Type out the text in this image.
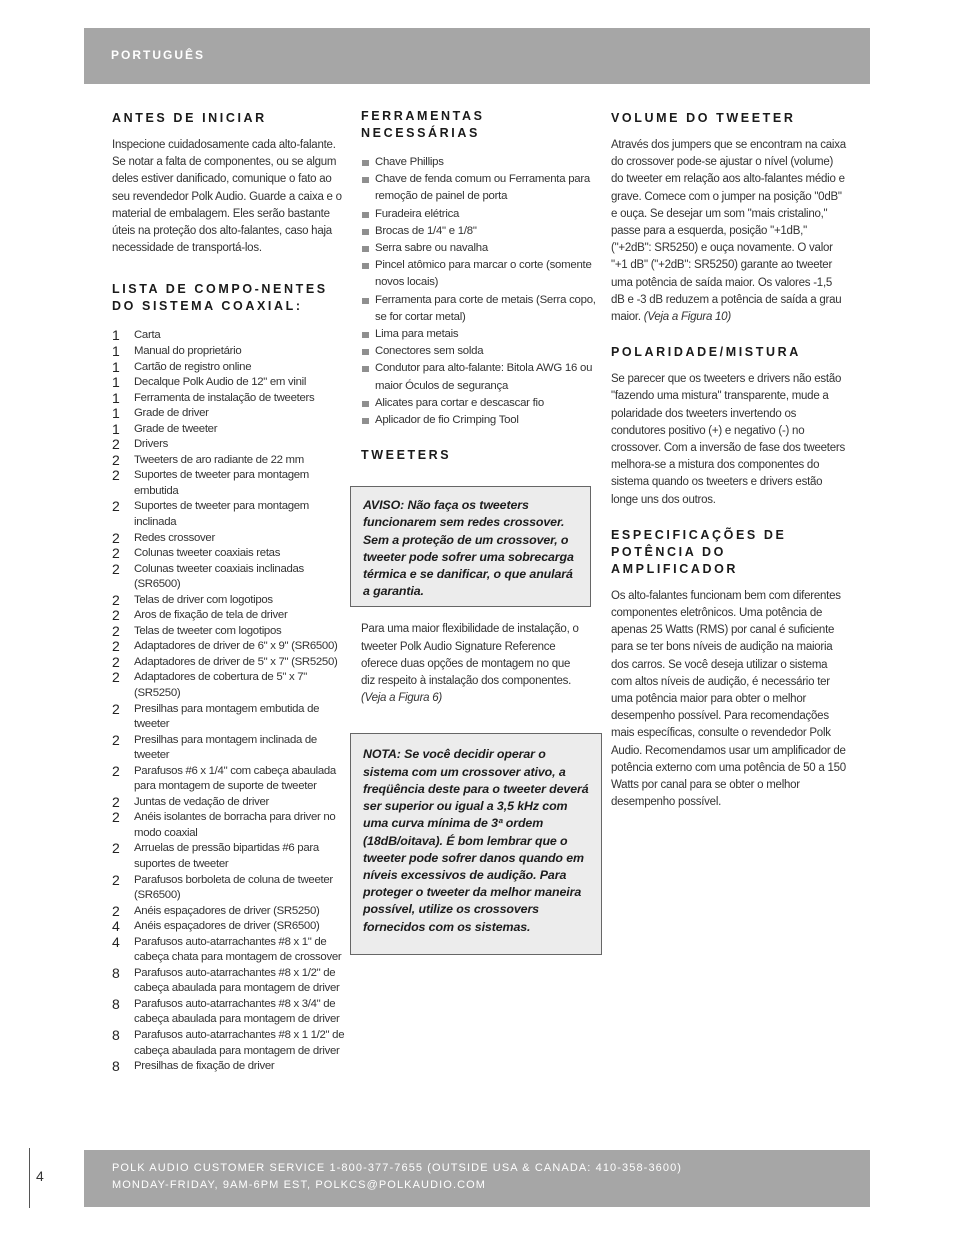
PORTUGUÊS
ANTES DE INICIAR

Inspecione cuidadosamente cada alto-falante. Se notar a falta de componentes, ou se algum deles estiver danificado, comunique o fato ao seu revendedor Polk Audio. Guarde a caixa e o material de embalagem. Eles serão bastante úteis na proteção dos alto-falantes, caso haja necessidade de transportá-los.

LISTA DE COMPO-NENTES DO SISTEMA COAXIAL:
1	Carta
1	Manual do proprietário
1	Cartão de registro online
1	Decalque Polk Audio de 12" em vinil
1	Ferramenta de instalação de tweeters
1	Grade de driver
1	Grade de tweeter
2	Drivers
2	Tweeters de aro radiante de 22 mm
2	Suportes de tweeter para montagem embutida
2	Suportes de tweeter para montagem inclinada
2	Redes crossover
2	Colunas tweeter coaxiais retas
2	Colunas tweeter coaxiais inclinadas (SR6500)
2	Telas de driver com logotipos
2	Aros de fixação de tela de driver
2	Telas de tweeter com logotipos
2	Adaptadores de driver de 6" x 9" (SR6500)
2	Adaptadores de driver de 5" x 7" (SR5250)
2	Adaptadores de cobertura de 5" x 7" (SR5250)
2	Presilhas para montagem embutida de tweeter
2	Presilhas para montagem inclinada de tweeter
2	Parafusos #6 x 1/4" com cabeça abaulada para montagem de suporte de tweeter
2	Juntas de vedação de driver
2	Anéis isolantes de borracha para driver no modo coaxial
2	Arruelas de pressão bipartidas #6 para suportes de tweeter
2	Parafusos borboleta de coluna de tweeter (SR6500)
2	Anéis espaçadores de driver (SR5250)
4	Anéis espaçadores de driver (SR6500)
4	Parafusos auto-atarrachantes #8 x 1" de cabeça chata para montagem de crossover
8	Parafusos auto-atarrachantes #8 x 1/2" de cabeça abaulada para montagem de driver
8	Parafusos auto-atarrachantes #8 x 3/4" de cabeça abaulada para montagem de driver
8	Parafusos auto-atarrachantes #8 x 1 1/2" de cabeça abaulada para montagem de driver
8	Presilhas de fixação de driver
FERRAMENTAS NECESSÁRIAS
Chave Phillips
Chave de fenda comum ou Ferramenta para remoção de painel de porta
Furadeira elétrica
Brocas de 1/4" e 1/8"
Serra sabre ou navalha
Pincel atômico para marcar o corte (somente novos locais)
Ferramenta para corte de metais (Serra copo, se for cortar metal)
Lima para metais
Conectores sem solda
Condutor para alto-falante: Bitola AWG 16 ou maior Óculos de segurança
Alicates para cortar e descascar fio
Aplicador de fio Crimping Tool
TWEETERS

AVISO: Não faça os tweeters funcionarem sem redes crossover. Sem a proteção de um crossover, o tweeter pode sofrer uma sobrecarga térmica e se danificar, o que anulará a garantia.

Para uma maior flexibilidade de instalação, o tweeter Polk Audio Signature Reference oferece duas opções de montagem no que diz respeito à instalação dos componentes. (Veja a Figura 6)

NOTA: Se você decidir operar o sistema com um crossover ativo, a freqüência deste para o tweeter deverá ser superior ou igual a 3,5 kHz com uma curva mínima de 3ª ordem (18dB/oitava). É bom lembrar que o tweeter pode sofrer danos quando em níveis excessivos de audição. Para proteger o tweeter da melhor maneira possível, utilize os crossovers fornecidos com os sistemas.

VOLUME DO TWEETER

Através dos jumpers que se encontram na caixa do crossover pode-se ajustar o nível (volume) do tweeter em relação aos alto-falantes médio e grave. Comece com o jumper na posição "0dB" e ouça. Se desejar um som "mais cristalino," passe para a esquerda, posição "+1dB," ("+2dB": SR5250) e ouça novamente. O valor "+1 dB" ("+2dB": SR5250) garante ao tweeter uma potência de saída maior. Os valores -1,5 dB e -3 dB reduzem a potência de saída a grau maior. (Veja a Figura 10)

POLARIDADE/MISTURA

Se parecer que os tweeters e drivers não estão "fazendo uma mistura" transparente, mude a polaridade dos tweeters invertendo os condutores positivo (+) e negativo (-) no crossover. Com a inversão de fase dos tweeters melhora-se a mistura dos componentes do sistema quando os tweeters e drivers estão longe uns dos outros.

ESPECIFICAÇÕES DE POTÊNCIA DO AMPLIFICADOR

Os alto-falantes funcionam bem com diferentes componentes eletrônicos. Uma potência de apenas 25 Watts (RMS) por canal é suficiente para se ter bons níveis de audição na maioria dos carros. Se você deseja utilizar o sistema com altos níveis de audição, é necessário ter uma potência maior para obter o melhor desempenho possível. Para recomendações mais específicas, consulte o revendedor Polk Audio. Recomendamos usar um amplificador de potência externo com uma potência de 50 a 150 Watts por canal para se obter o melhor desempenho possível.

4	POLK AUDIO CUSTOMER SERVICE 1-800-377-7655 (OUTSIDE USA & CANADA: 410-358-3600)
MONDAY-FRIDAY, 9AM-6PM EST, POLKCS@POLKAUDIO.COM
